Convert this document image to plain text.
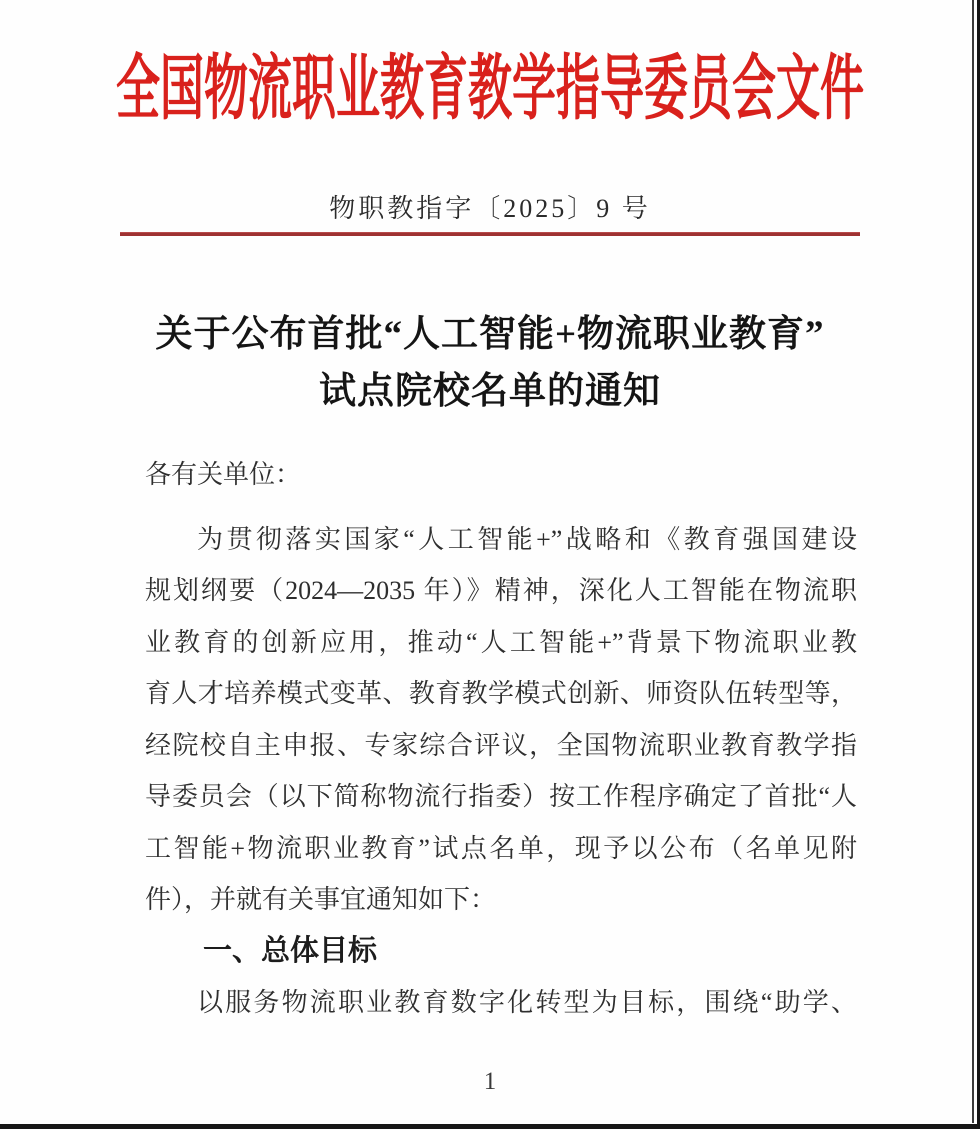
全国物流职业教育教学指导委员会文件
物职教指字〔2025〕9 号
关于公布首批“人工智能+物流职业教育”
试点院校名单的通知
各有关单位：
为贯彻落实国家“人工智能+”战略和《教育强国建设
规划纲要（2024—2035 年）》精神，深化人工智能在物流职
业教育的创新应用，推动“人工智能+”背景下物流职业教
育人才培养模式变革、教育教学模式创新、师资队伍转型等，
经院校自主申报、专家综合评议，全国物流职业教育教学指
导委员会（以下简称物流行指委）按工作程序确定了首批“人
工智能+物流职业教育”试点名单，现予以公布（名单见附
件），并就有关事宜通知如下：
一、总体目标
以服务物流职业教育数字化转型为目标，围绕“助学、
1
